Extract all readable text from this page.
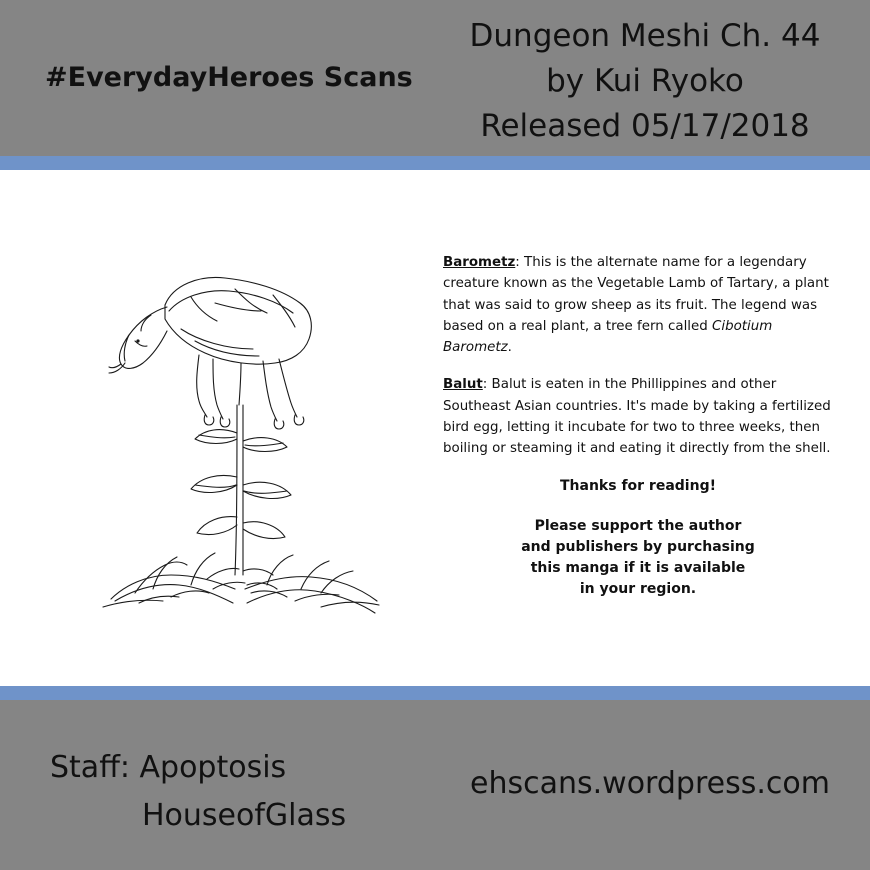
#EverydayHeroes Scans
Dungeon Meshi Ch. 44
by Kui Ryoko
Released 05/17/2018
Barometz: This is the alternate name for a legendary creature known as the Vegetable Lamb of Tartary, a plant that was said to grow sheep as its fruit. The legend was based on a real plant, a tree fern called Cibotium Barometz.
Balut: Balut is eaten in the Phillippines and other Southeast Asian countries. It's made by taking a fertilized bird egg, letting it incubate for two to three weeks, then boiling or steaming it and eating it directly from the shell.
Thanks for reading!
Please support the author
and publishers by purchasing
this manga if it is available
in your region.
Staff: Apoptosis
HouseofGlass
ehscans.wordpress.com
